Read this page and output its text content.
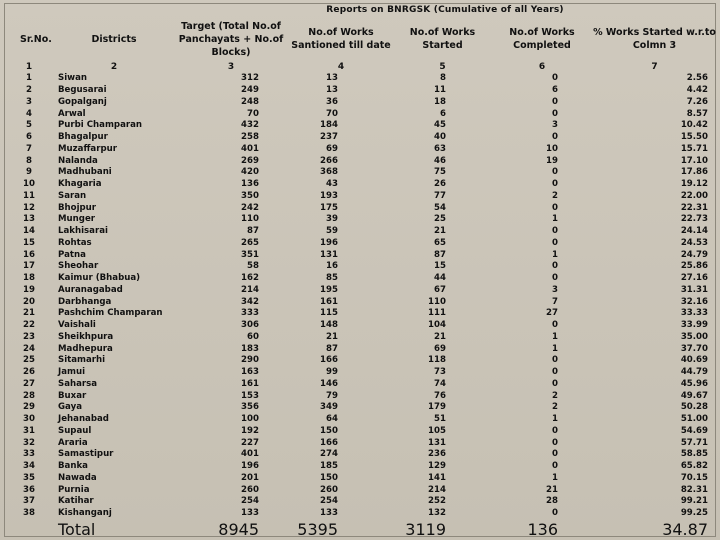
		Reports on BNRGSK (Cumulative of all Years)				
Sr.No.	Districts	Target (Total No.of Panchayats + No.of Blocks)	No.of Works Santioned till date	No.of Works Started	No.of Works Completed	% Works Started w.r.to Colmn 3
1	2	3	4	5	6	7
1	Siwan	312	13	8	0	2.56
2	Begusarai	249	13	11	6	4.42
3	Gopalganj	248	36	18	0	7.26
4	Arwal	70	70	6	0	8.57
5	Purbi Champaran	432	184	45	3	10.42
6	Bhagalpur	258	237	40	0	15.50
7	Muzaffarpur	401	69	63	10	15.71
8	Nalanda	269	266	46	19	17.10
9	Madhubani	420	368	75	0	17.86
10	Khagaria	136	43	26	0	19.12
11	Saran	350	193	77	2	22.00
12	Bhojpur	242	175	54	0	22.31
13	Munger	110	39	25	1	22.73
14	Lakhisarai	87	59	21	0	24.14
15	Rohtas	265	196	65	0	24.53
16	Patna	351	131	87	1	24.79
17	Sheohar	58	16	15	0	25.86
18	Kaimur (Bhabua)	162	85	44	0	27.16
19	Auranagabad	214	195	67	3	31.31
20	Darbhanga	342	161	110	7	32.16
21	Pashchim Champaran	333	115	111	27	33.33
22	Vaishali	306	148	104	0	33.99
23	Sheikhpura	60	21	21	1	35.00
24	Madhepura	183	87	69	1	37.70
25	Sitamarhi	290	166	118	0	40.69
26	Jamui	163	99	73	0	44.79
27	Saharsa	161	146	74	0	45.96
28	Buxar	153	79	76	2	49.67
29	Gaya	356	349	179	2	50.28
30	Jehanabad	100	64	51	1	51.00
31	Supaul	192	150	105	0	54.69
32	Araria	227	166	131	0	57.71
33	Samastipur	401	274	236	0	58.85
34	Banka	196	185	129	0	65.82
35	Nawada	201	150	141	1	70.15
36	Purnia	260	260	214	21	82.31
37	Katihar	254	254	252	28	99.21
38	Kishanganj	133	133	132	0	99.25
	Total	8945	5395	3119	136	34.87
